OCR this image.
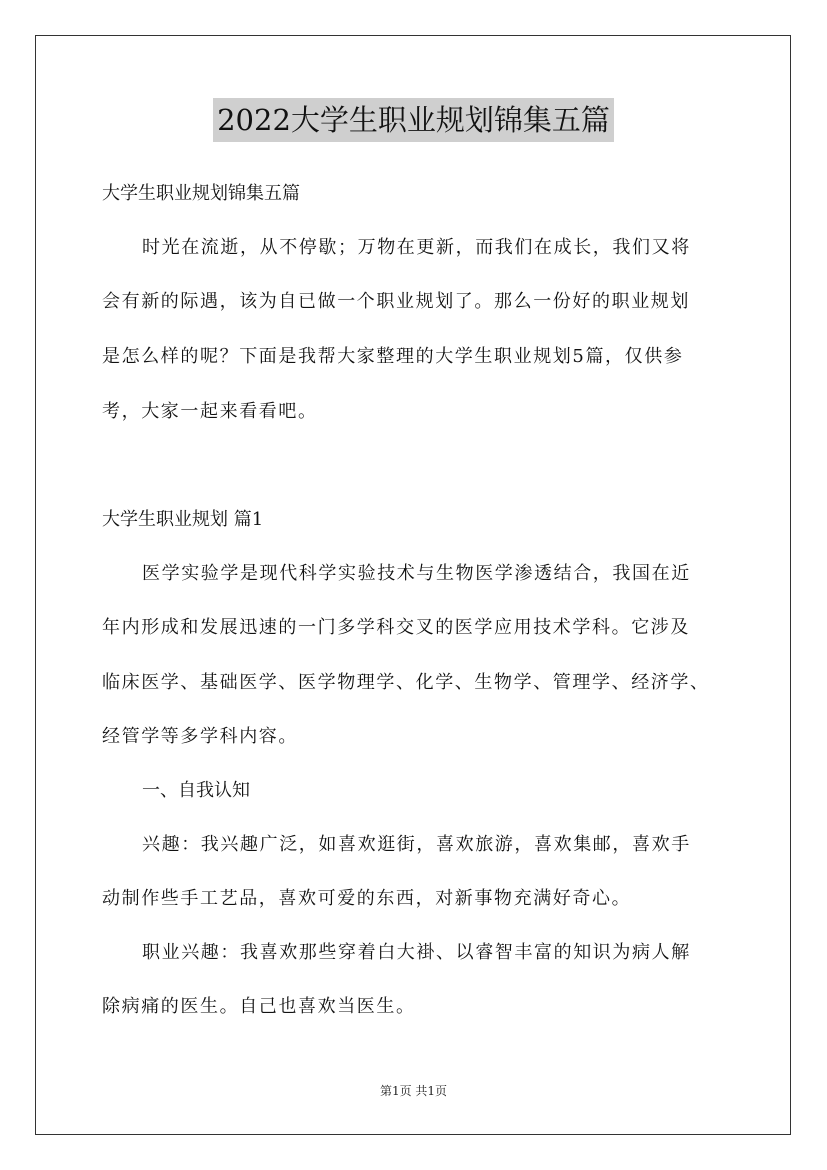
2022大学生职业规划锦集五篇
大学生职业规划锦集五篇
时光在流逝，从不停歇；万物在更新，而我们在成长，我们又将
会有新的际遇，该为自已做一个职业规划了。那么一份好的职业规划
是怎么样的呢？下面是我帮大家整理的大学生职业规划5篇，仅供参
考，大家一起来看看吧。
大学生职业规划 篇1
医学实验学是现代科学实验技术与生物医学渗透结合，我国在近
年内形成和发展迅速的一门多学科交叉的医学应用技术学科。它涉及
临床医学、基础医学、医学物理学、化学、生物学、管理学、经济学、
经管学等多学科内容。
一、自我认知
兴趣：我兴趣广泛，如喜欢逛街，喜欢旅游，喜欢集邮，喜欢手
动制作些手工艺品，喜欢可爱的东西，对新事物充满好奇心。
职业兴趣：我喜欢那些穿着白大褂、以睿智丰富的知识为病人解
除病痛的医生。自己也喜欢当医生。
第1页 共1页
